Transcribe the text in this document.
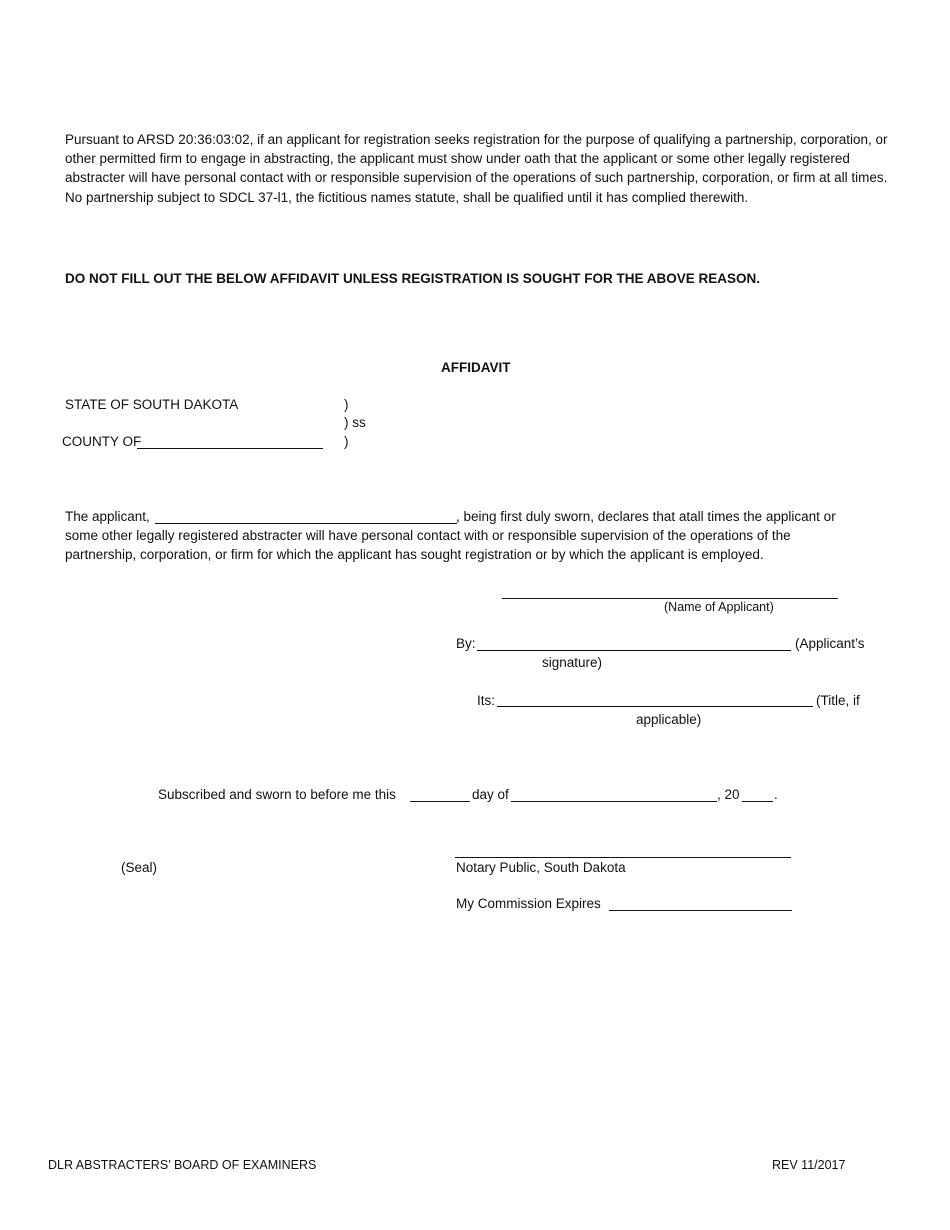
Pursuant to ARSD 20:36:03:02, if an applicant for registration seeks registration for the purpose of qualifying a partnership, corporation, or other permitted firm to engage in abstracting, the applicant must show under oath that the applicant or some other legally registered abstracter will have personal contact with or responsible supervision of the operations of such partnership, corporation, or firm at all times. No partnership subject to SDCL 37-l1, the fictitious names statute, shall be qualified until it has complied therewith.
DO NOT FILL OUT THE BELOW AFFIDAVIT UNLESS REGISTRATION IS SOUGHT FOR THE ABOVE REASON.
AFFIDAVIT
STATE OF SOUTH DAKOTA	)
) ss
COUNTY OF	)
The applicant,	, being first duly sworn, declares that atall times the applicant or
some other legally registered abstracter will have personal contact with or responsible supervision of the operations of the partnership, corporation, or firm for which the applicant has sought registration or by which the applicant is employed.
(Name of Applicant)
By:	(Applicant’s
signature)
Its:	(Title, if
applicable)
Subscribed and sworn to before me this	day of	, 20	.
(Seal)	Notary Public, South Dakota
My Commission Expires
DLR ABSTRACTERS’ BOARD OF EXAMINERS	REV 11/2017
